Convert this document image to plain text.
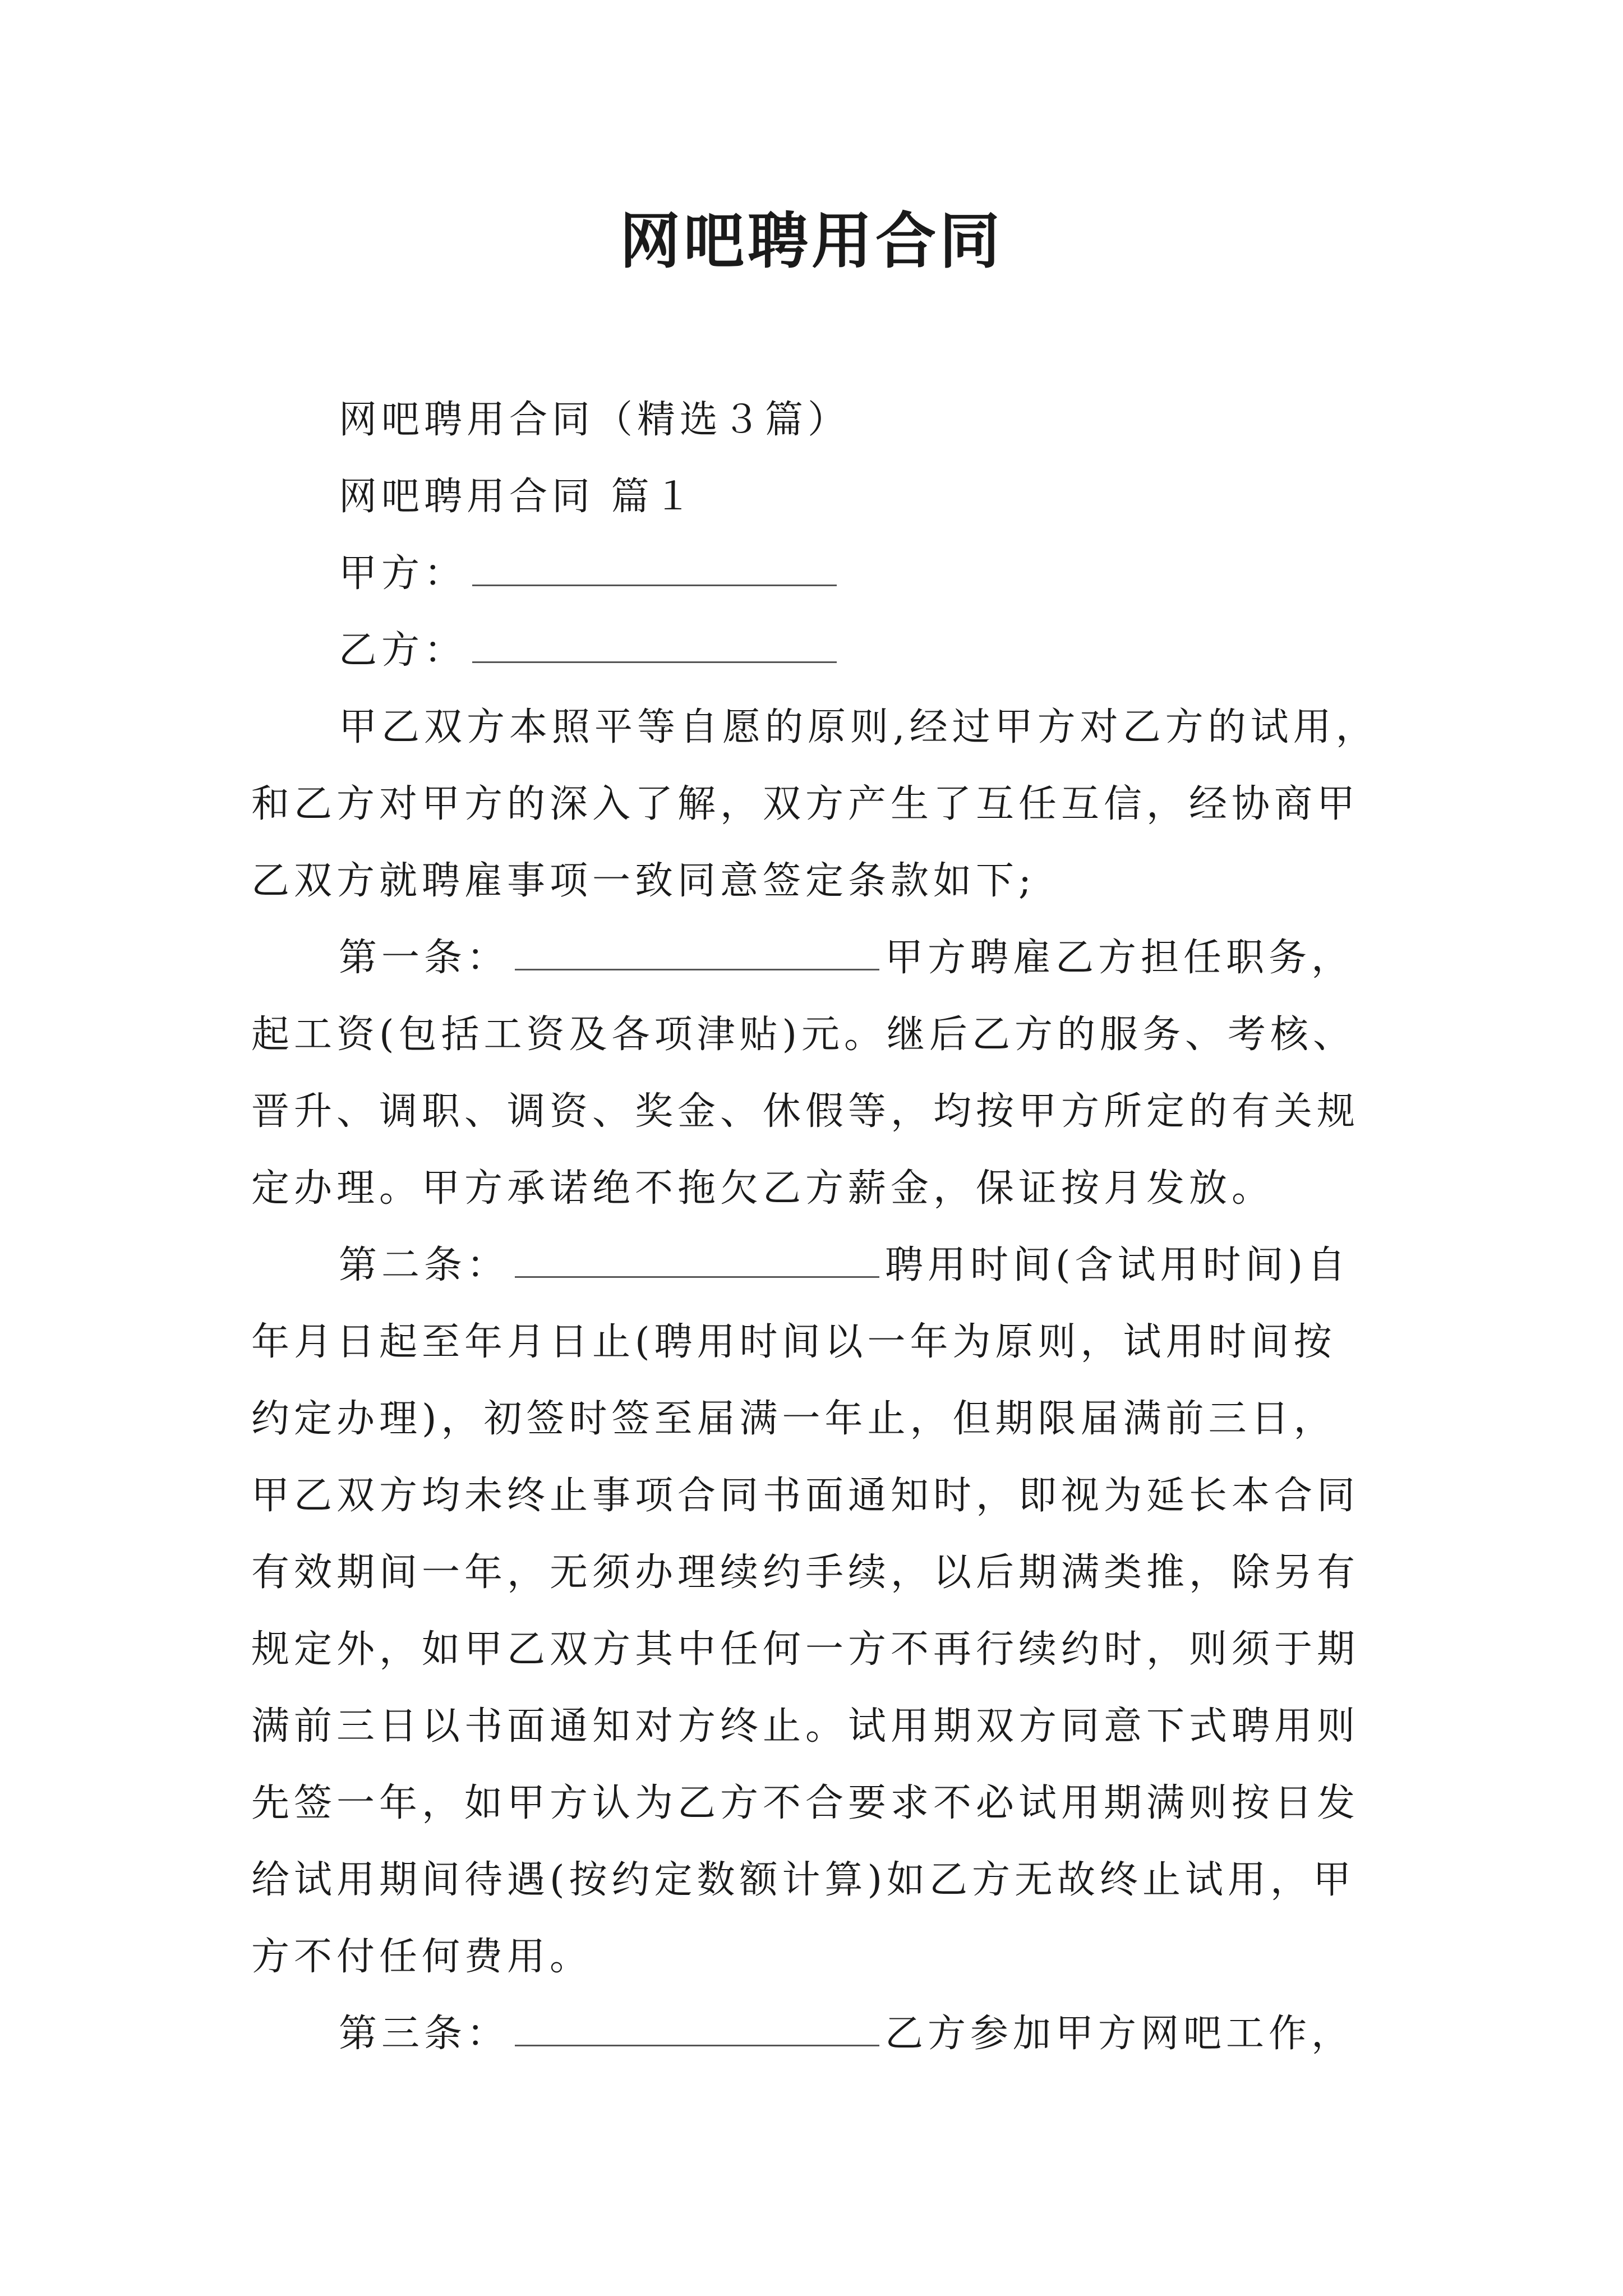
网吧聘用合同
网吧聘用合同（精选３篇）
网吧聘用合同 篇１
甲方：
乙方：
甲乙双方本照平等自愿的原则,经过甲方对乙方的试用，
和乙方对甲方的深入了解，双方产生了互任互信，经协商甲
乙双方就聘雇事项一致同意签定条款如下;
第一条：	甲方聘雇乙方担任职务，
起工资(包括工资及各项津贴)元。继后乙方的服务、考核、
晋升、调职、调资、奖金、休假等，均按甲方所定的有关规
定办理。甲方承诺绝不拖欠乙方薪金，保证按月发放。
第二条：	聘用时间(含试用时间)自
年月日起至年月日止(聘用时间以一年为原则，试用时间按
约定办理)，初签时签至届满一年止，但期限届满前三日，
甲乙双方均未终止事项合同书面通知时，即视为延长本合同
有效期间一年，无须办理续约手续，以后期满类推，除另有
规定外，如甲乙双方其中任何一方不再行续约时，则须于期
满前三日以书面通知对方终止。试用期双方同意下式聘用则
先签一年，如甲方认为乙方不合要求不必试用期满则按日发
给试用期间待遇(按约定数额计算)如乙方无故终止试用，甲
方不付任何费用。
第三条：	乙方参加甲方网吧工作，
